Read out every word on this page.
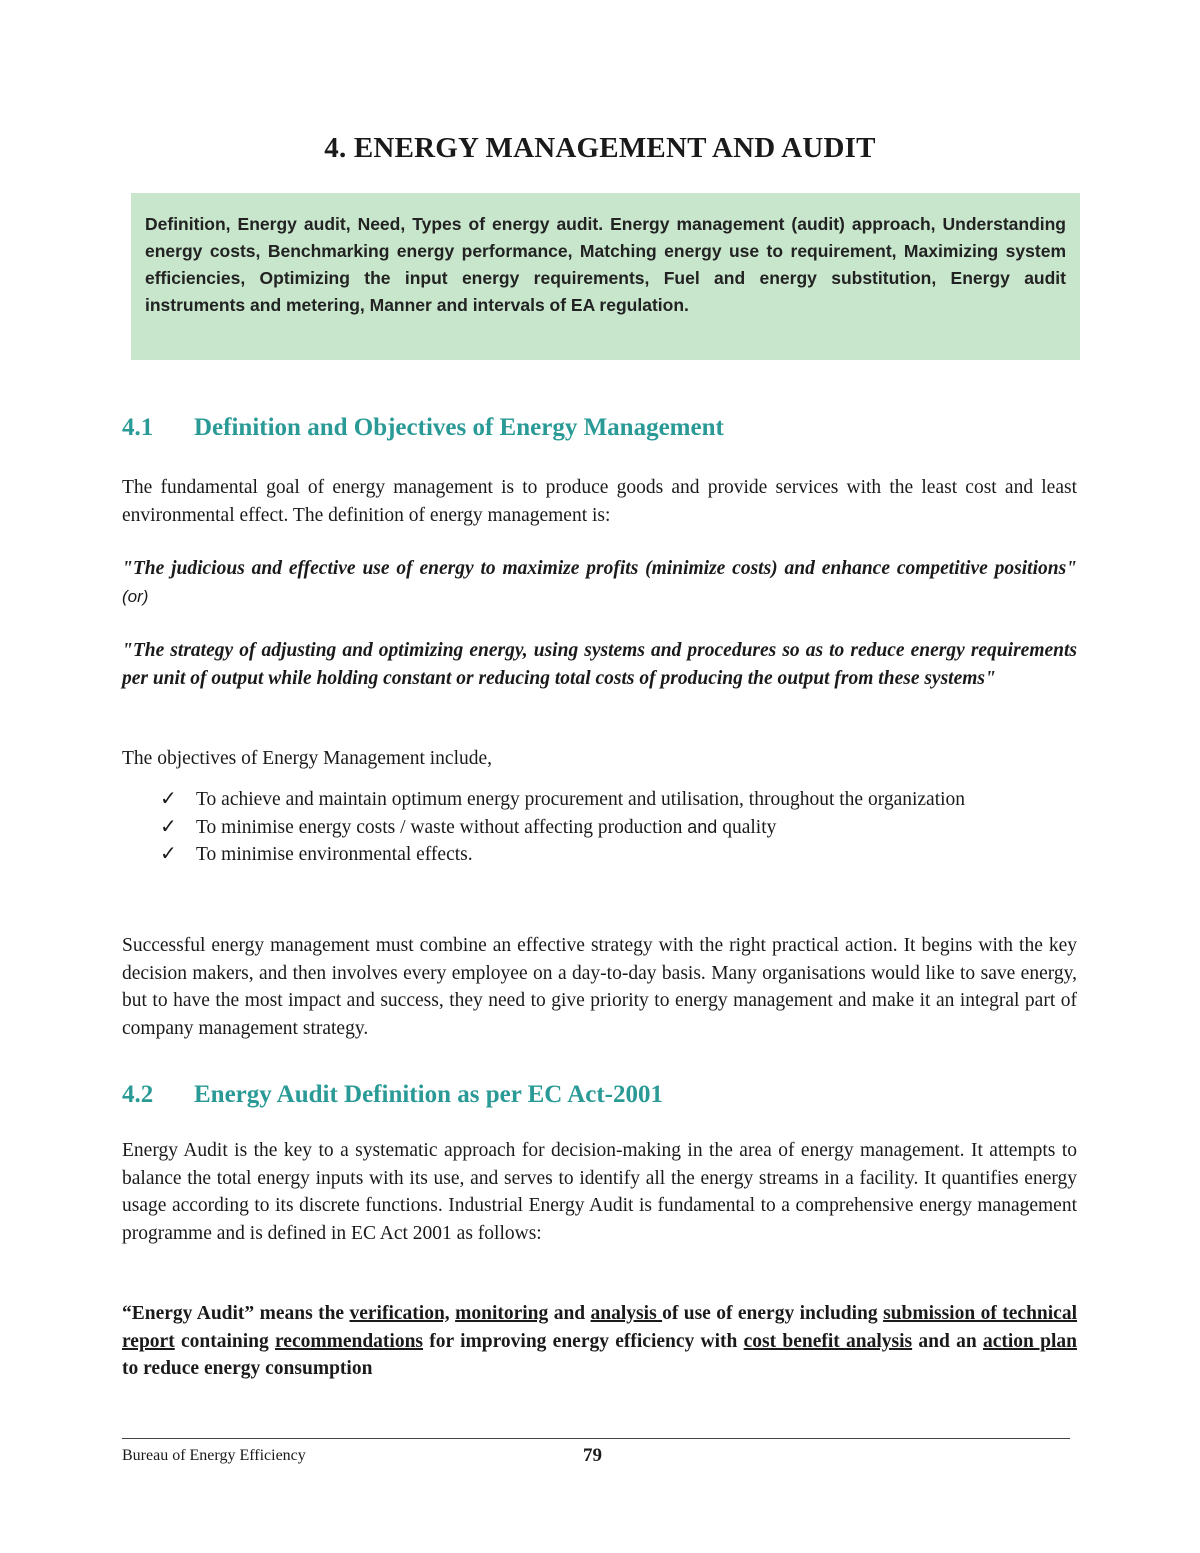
4. ENERGY MANAGEMENT AND AUDIT
Definition, Energy audit, Need, Types of energy audit. Energy management (audit) approach, Understanding energy costs, Benchmarking energy performance, Matching energy use to requirement, Maximizing system efficiencies, Optimizing the input energy requirements, Fuel and energy substitution, Energy audit instruments and metering, Manner and intervals of EA regulation.
4.1 Definition and Objectives of Energy Management
The fundamental goal of energy management is to produce goods and provide services with the least cost and least environmental effect. The definition of energy management is:
"The judicious and effective use of energy to maximize profits (minimize costs) and enhance competitive positions" (or)
"The strategy of adjusting and optimizing energy, using systems and procedures so as to reduce energy requirements per unit of output while holding constant or reducing total costs of producing the output from these systems"
The objectives of Energy Management include,
✓ To achieve and maintain optimum energy procurement and utilisation, throughout the organization
✓ To minimise energy costs / waste without affecting production and quality
✓ To minimise environmental effects.
Successful energy management must combine an effective strategy with the right practical action. It begins with the key decision makers, and then involves every employee on a day-to-day basis. Many organisations would like to save energy, but to have the most impact and success, they need to give priority to energy management and make it an integral part of company management strategy.
4.2 Energy Audit Definition as per EC Act-2001
Energy Audit is the key to a systematic approach for decision-making in the area of energy management. It attempts to balance the total energy inputs with its use, and serves to identify all the energy streams in a facility. It quantifies energy usage according to its discrete functions. Industrial Energy Audit is fundamental to a comprehensive energy management programme and is defined in EC Act 2001 as follows:
“Energy Audit” means the verification, monitoring and analysis of use of energy including submission of technical report containing recommendations for improving energy efficiency with cost benefit analysis and an action plan to reduce energy consumption
Bureau of Energy Efficiency	79
